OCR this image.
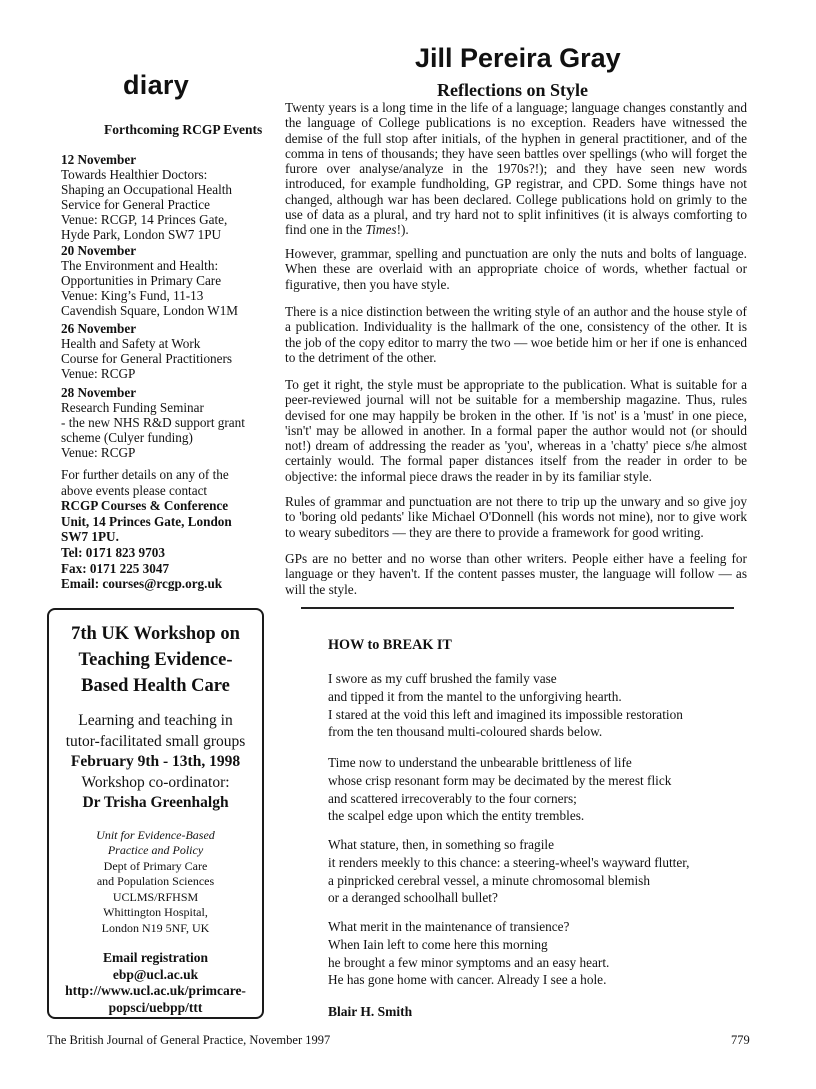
diary
Forthcoming RCGP Events
12 November
Towards Healthier Doctors:
Shaping an Occupational Health
Service for General Practice
Venue: RCGP, 14 Princes Gate,
Hyde Park, London SW7 1PU
20 November
The Environment and Health:
Opportunities in Primary Care
Venue: King’s Fund, 11-13
Cavendish Square, London W1M
26 November
Health and Safety at Work
Course for General Practitioners
Venue: RCGP
28 November
Research Funding Seminar
- the new NHS R&D support grant
scheme (Culyer funding)
Venue: RCGP
For further details on any of the
above events please contact
RCGP Courses & Conference
Unit, 14 Princes Gate, London
SW7 1PU.
Tel: 0171 823 9703
Fax: 0171 225 3047
Email: courses@rcgp.org.uk
7th UK Workshop on
Teaching Evidence-
Based Health Care
Learning and teaching in
tutor-facilitated small groups
February 9th - 13th, 1998
Workshop co-ordinator:
Dr Trisha Greenhalgh
Unit for Evidence-Based
Practice and Policy
Dept of Primary Care
and Population Sciences
UCLMS/RFHSM
Whittington Hospital,
London N19 5NF, UK
Email registration
ebp@ucl.ac.uk
http://www.ucl.ac.uk/primcare-
popsci/uebpp/ttt
Jill Pereira Gray
Reflections on Style
Twenty years is a long time in the life of a language; language changes constantly and the language of College publications is no exception. Readers have witnessed the demise of the full stop after initials, of the hyphen in general practitioner, and of the comma in tens of thousands; they have seen battles over spellings (who will forget the furore over analyse/analyze in the 1970s?!); and they have seen new words introduced, for example fundholding, GP registrar, and CPD. Some things have not changed, although war has been declared. College publications hold on grimly to the use of data as a plural, and try hard not to split infinitives (it is always comforting to find one in the Times!).
However, grammar, spelling and punctuation are only the nuts and bolts of language. When these are overlaid with an appropriate choice of words, whether factual or figurative, then you have style.
There is a nice distinction between the writing style of an author and the house style of a publication. Individuality is the hallmark of the one, consistency of the other. It is the job of the copy editor to marry the two — woe betide him or her if one is enhanced to the detriment of the other.
To get it right, the style must be appropriate to the publication. What is suitable for a peer-reviewed journal will not be suitable for a membership magazine. Thus, rules devised for one may happily be broken in the other. If 'is not' is a 'must' in one piece, 'isn't' may be allowed in another. In a formal paper the author would not (or should not!) dream of addressing the reader as 'you', whereas in a 'chatty' piece s/he almost certainly would. The formal paper distances itself from the reader in order to be objective: the informal piece draws the reader in by its familiar style.
Rules of grammar and punctuation are not there to trip up the unwary and so give joy to 'boring old pedants' like Michael O'Donnell (his words not mine), nor to give work to weary subeditors — they are there to provide a framework for good writing.
GPs are no better and no worse than other writers. People either have a feeling for language or they haven't. If the content passes muster, the language will follow — as will the style.
HOW to BREAK IT
I swore as my cuff brushed the family vase
and tipped it from the mantel to the unforgiving hearth.
I stared at the void this left and imagined its impossible restoration
from the ten thousand multi-coloured shards below.
Time now to understand the unbearable brittleness of life
whose crisp resonant form may be decimated by the merest flick
and scattered irrecoverably to the four corners;
the scalpel edge upon which the entity trembles.
What stature, then, in something so fragile
it renders meekly to this chance: a steering-wheel's wayward flutter,
a pinpricked cerebral vessel, a minute chromosomal blemish
or a deranged schoolhall bullet?
What merit in the maintenance of transience?
When Iain left to come here this morning
he brought a few minor symptoms and an easy heart.
He has gone home with cancer. Already I see a hole.
Blair H. Smith
The British Journal of General Practice, November 1997	779
